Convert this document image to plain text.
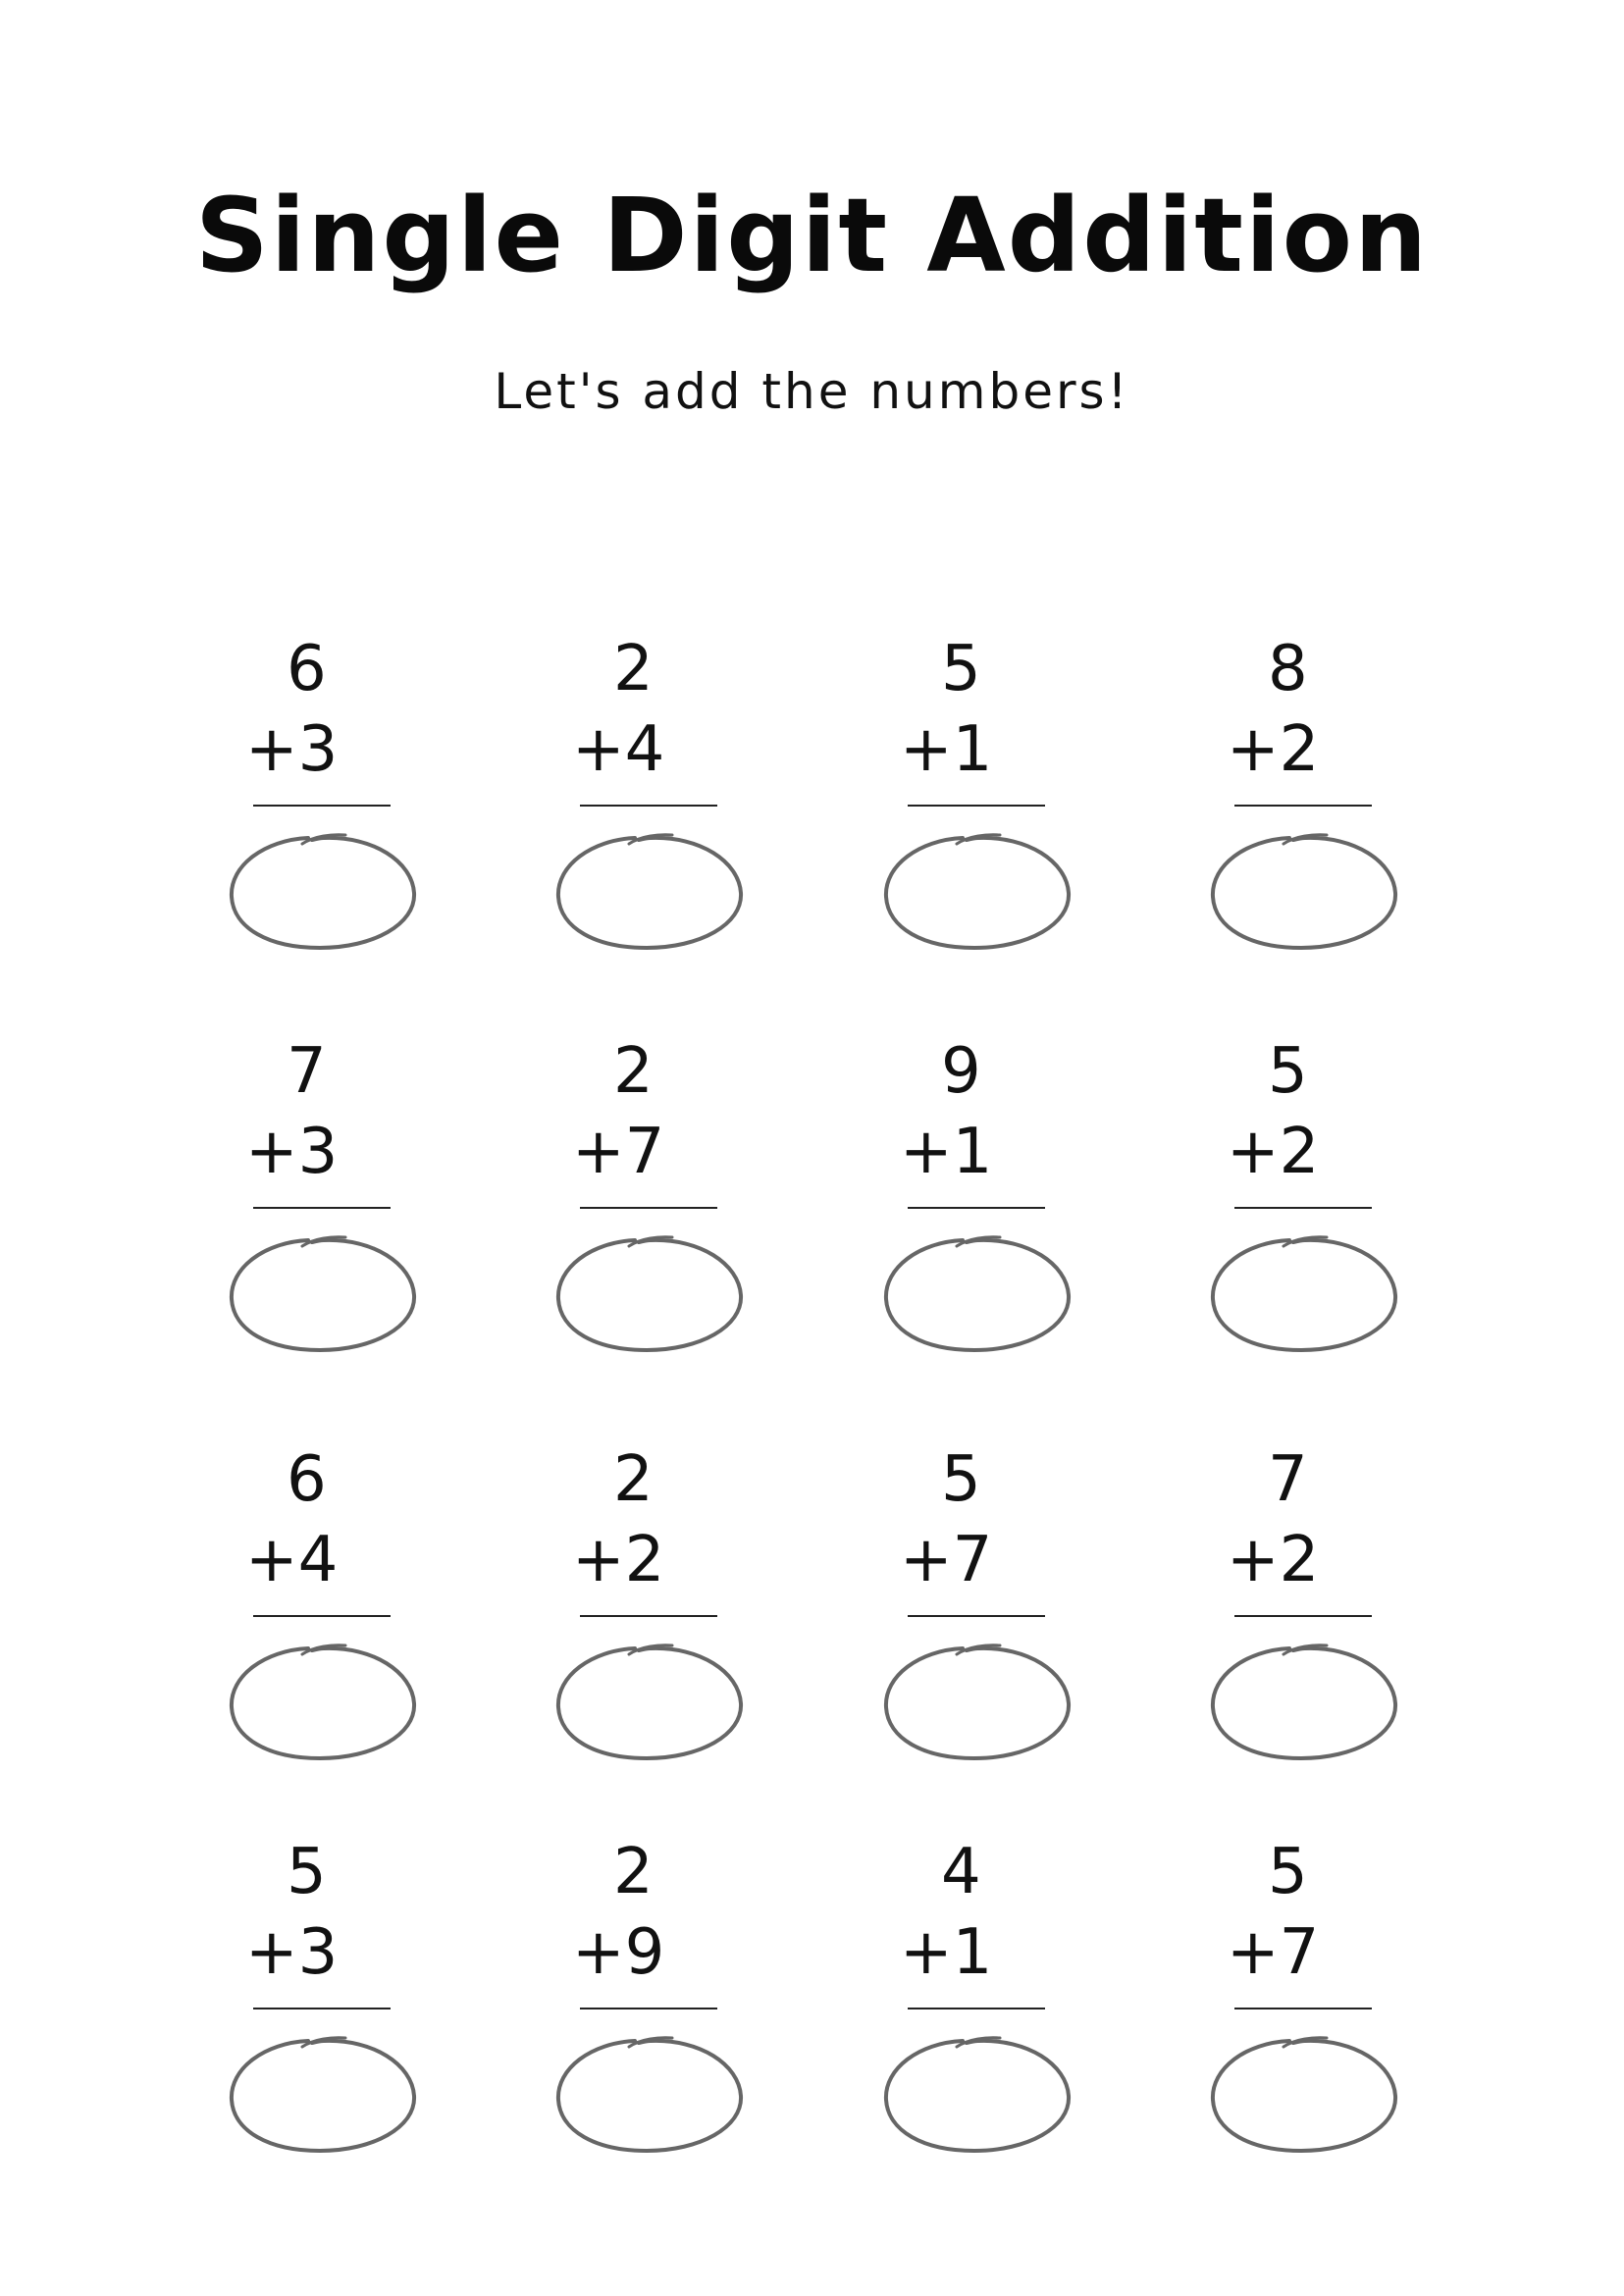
Single Digit Addition

Let's add the numbers!

6
+3
2
+4
5
+1
8
+2
7
+3
2
+7
9
+1
5
+2
6
+4
2
+2
5
+7
7
+2
5
+3
2
+9
4
+1
5
+7
